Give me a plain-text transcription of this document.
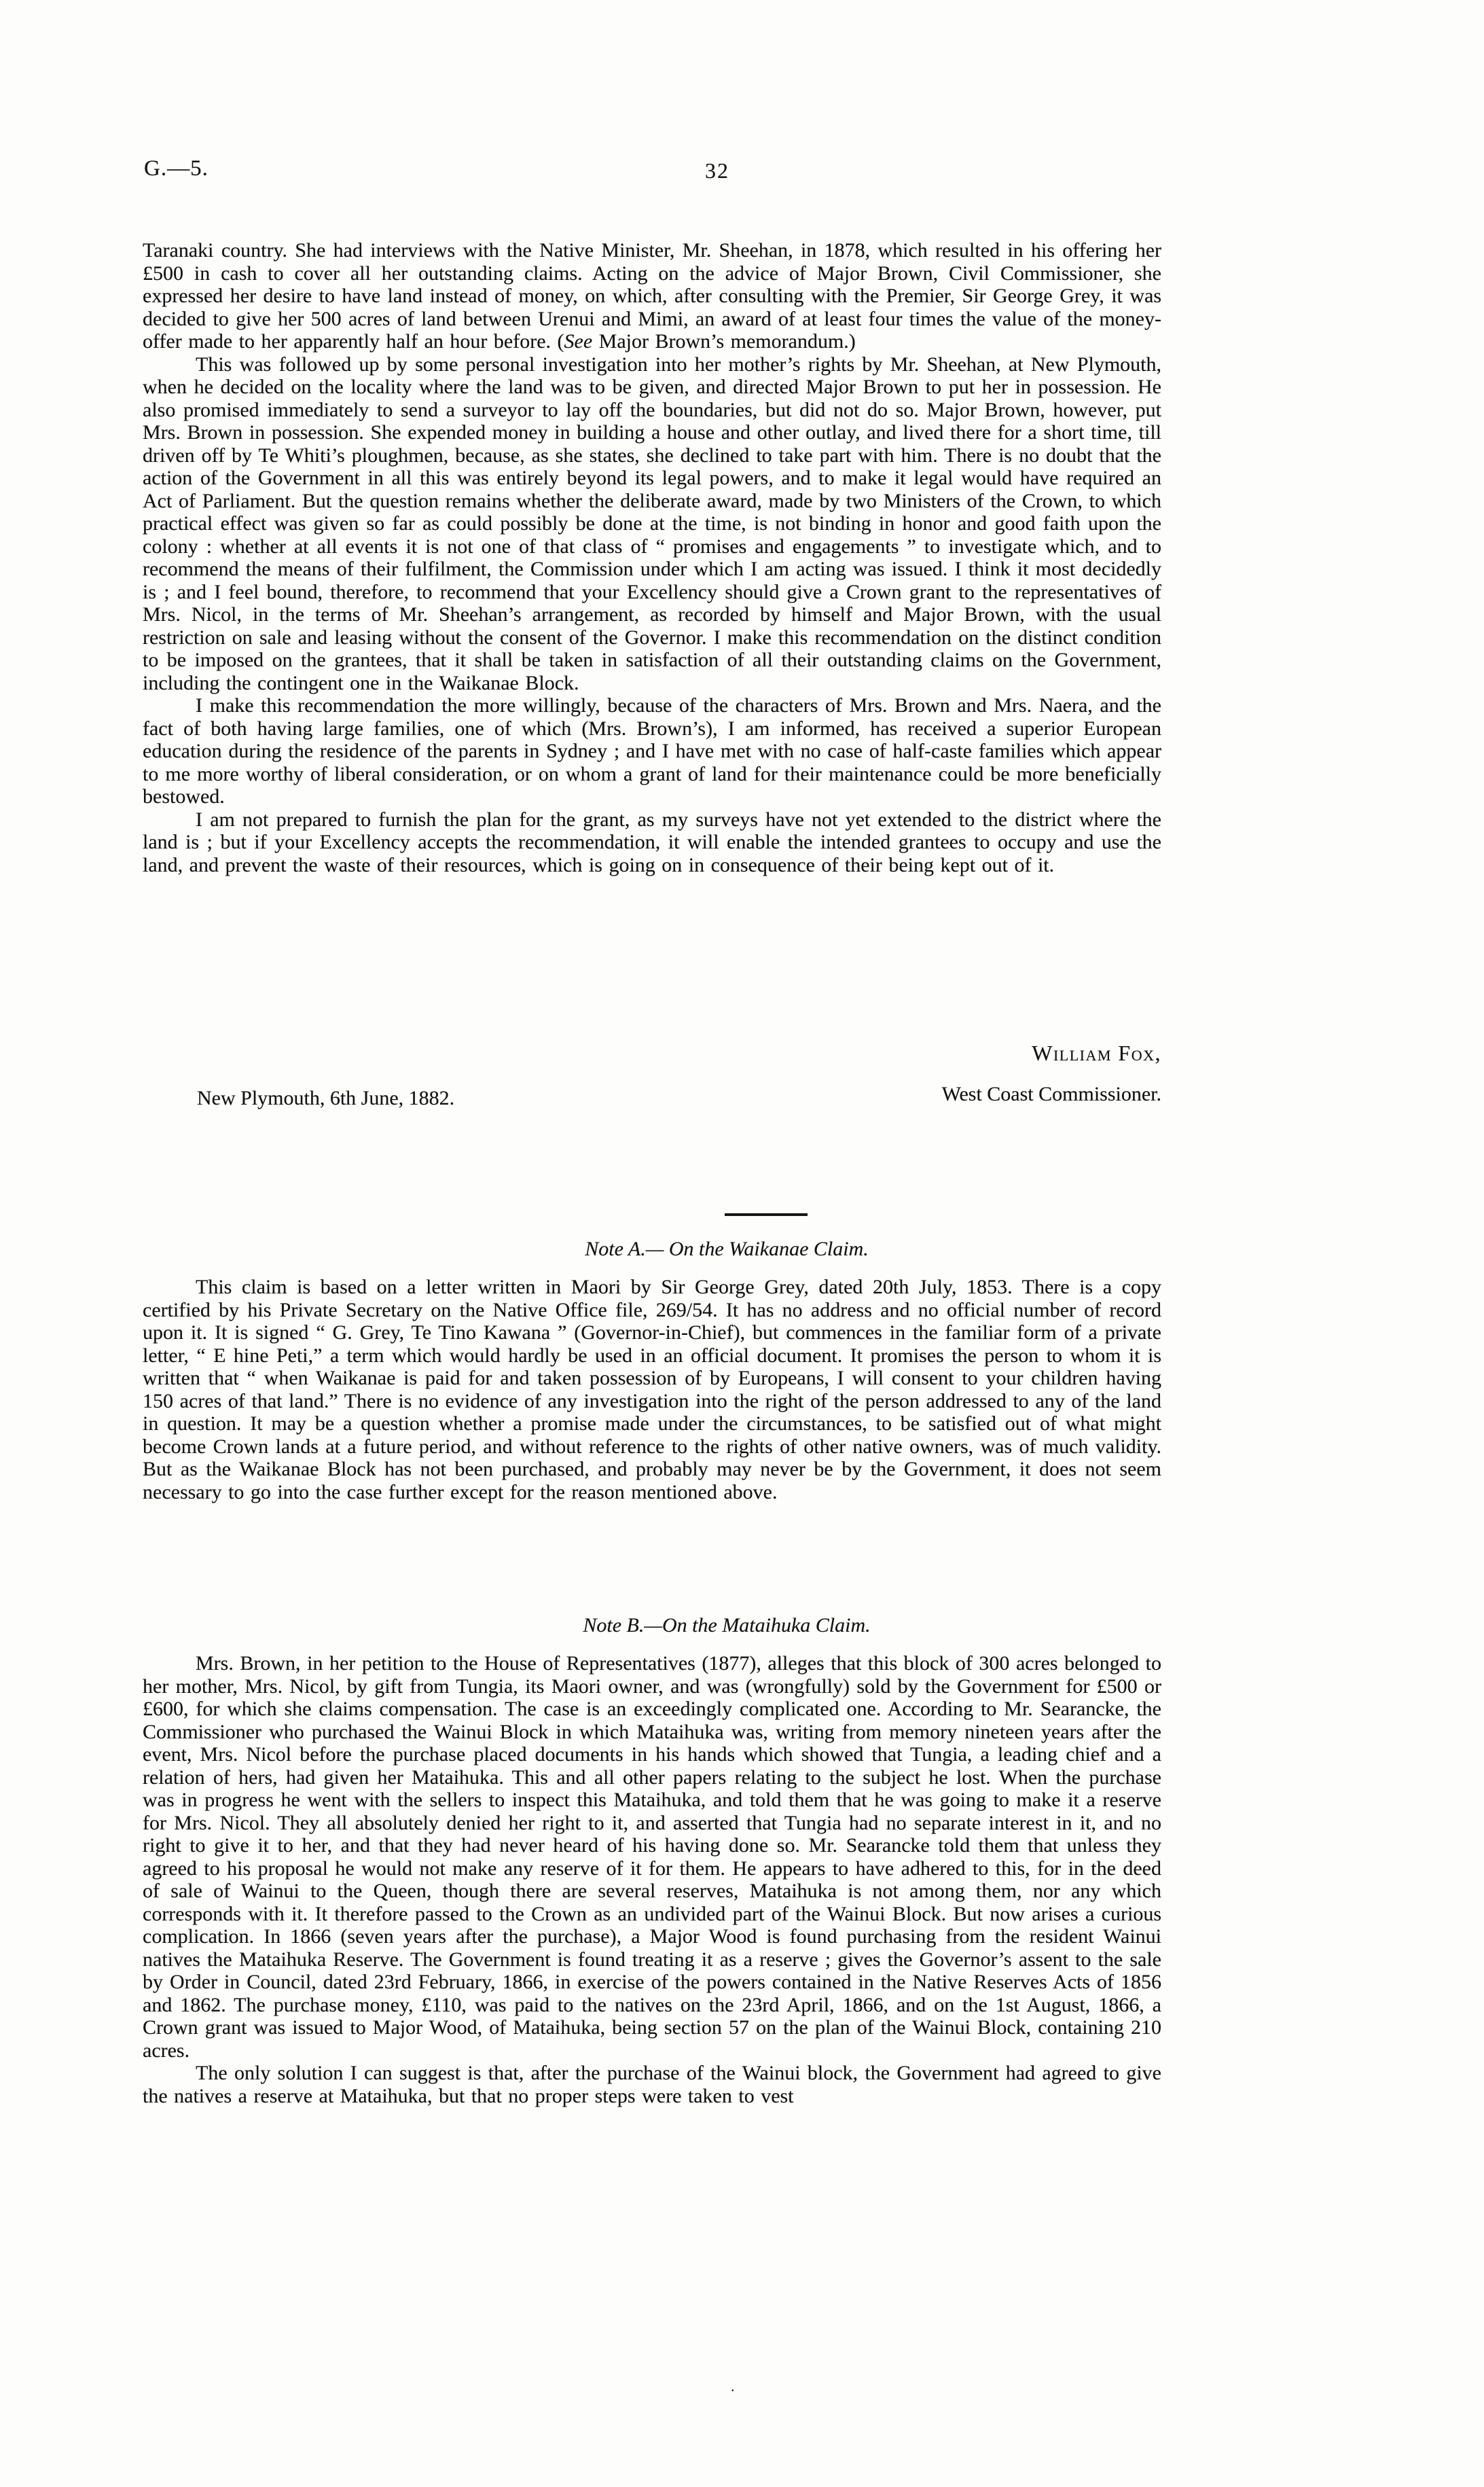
G.—5.	32

Taranaki country. She had interviews with the Native Minister, Mr. Sheehan, in 1878, which resulted in his offering her £500 in cash to cover all her outstanding claims. Acting on the advice of Major Brown, Civil Commissioner, she expressed her desire to have land instead of money, on which, after consulting with the Premier, Sir George Grey, it was decided to give her 500 acres of land between Urenui and Mimi, an award of at least four times the value of the money-offer made to her apparently half an hour before. (See Major Brown’s memorandum.)

This was followed up by some personal investigation into her mother’s rights by Mr. Sheehan, at New Plymouth, when he decided on the locality where the land was to be given, and directed Major Brown to put her in possession. He also promised immediately to send a surveyor to lay off the boundaries, but did not do so. Major Brown, however, put Mrs. Brown in possession. She expended money in building a house and other outlay, and lived there for a short time, till driven off by Te Whiti’s ploughmen, because, as she states, she declined to take part with him. There is no doubt that the action of the Government in all this was entirely beyond its legal powers, and to make it legal would have required an Act of Parliament. But the question remains whether the deliberate award, made by two Ministers of the Crown, to which practical effect was given so far as could possibly be done at the time, is not binding in honor and good faith upon the colony : whether at all events it is not one of that class of “ promises and engagements ” to investigate which, and to recommend the means of their fulfilment, the Commission under which I am acting was issued. I think it most decidedly is ; and I feel bound, therefore, to recommend that your Excellency should give a Crown grant to the representatives of Mrs. Nicol, in the terms of Mr. Sheehan’s arrangement, as recorded by himself and Major Brown, with the usual restriction on sale and leasing without the consent of the Governor. I make this recommendation on the distinct condition to be imposed on the grantees, that it shall be taken in satisfaction of all their outstanding claims on the Government, including the contingent one in the Waikanae Block.

I make this recommendation the more willingly, because of the characters of Mrs. Brown and Mrs. Naera, and the fact of both having large families, one of which (Mrs. Brown’s), I am informed, has received a superior European education during the residence of the parents in Sydney ; and I have met with no case of half-caste families which appear to me more worthy of liberal consideration, or on whom a grant of land for their maintenance could be more beneficially bestowed.

I am not prepared to furnish the plan for the grant, as my surveys have not yet extended to the district where the land is ; but if your Excellency accepts the recommendation, it will enable the intended grantees to occupy and use the land, and prevent the waste of their resources, which is going on in consequence of their being kept out of it.

William Fox,
New Plymouth, 6th June, 1882.	West Coast Commissioner.
Note A.— On the Waikanae Claim.

This claim is based on a letter written in Maori by Sir George Grey, dated 20th July, 1853. There is a copy certified by his Private Secretary on the Native Office file, 269/54. It has no address and no official number of record upon it. It is signed “ G. Grey, Te Tino Kawana ” (Governor-in-Chief), but commences in the familiar form of a private letter, “ E hine Peti,” a term which would hardly be used in an official document. It promises the person to whom it is written that “ when Waikanae is paid for and taken possession of by Europeans, I will consent to your children having 150 acres of that land.” There is no evidence of any investigation into the right of the person addressed to any of the land in question. It may be a question whether a promise made under the circumstances, to be satisfied out of what might become Crown lands at a future period, and without reference to the rights of other native owners, was of much validity. But as the Waikanae Block has not been purchased, and probably may never be by the Government, it does not seem necessary to go into the case further except for the reason mentioned above.

Note B.—On the Mataihuka Claim.

Mrs. Brown, in her petition to the House of Representatives (1877), alleges that this block of 300 acres belonged to her mother, Mrs. Nicol, by gift from Tungia, its Maori owner, and was (wrongfully) sold by the Government for £500 or £600, for which she claims compensation. The case is an exceedingly complicated one. According to Mr. Searancke, the Commissioner who purchased the Wainui Block in which Mataihuka was, writing from memory nineteen years after the event, Mrs. Nicol before the purchase placed documents in his hands which showed that Tungia, a leading chief and a relation of hers, had given her Mataihuka. This and all other papers relating to the subject he lost. When the purchase was in progress he went with the sellers to inspect this Mataihuka, and told them that he was going to make it a reserve for Mrs. Nicol. They all absolutely denied her right to it, and asserted that Tungia had no separate interest in it, and no right to give it to her, and that they had never heard of his having done so. Mr. Searancke told them that unless they agreed to his proposal he would not make any reserve of it for them. He appears to have adhered to this, for in the deed of sale of Wainui to the Queen, though there are several reserves, Mataihuka is not among them, nor any which corresponds with it. It therefore passed to the Crown as an undivided part of the Wainui Block. But now arises a curious complication. In 1866 (seven years after the purchase), a Major Wood is found purchasing from the resident Wainui natives the Mataihuka Reserve. The Government is found treating it as a reserve ; gives the Governor’s assent to the sale by Order in Council, dated 23rd February, 1866, in exercise of the powers contained in the Native Reserves Acts of 1856 and 1862. The purchase money, £110, was paid to the natives on the 23rd April, 1866, and on the 1st August, 1866, a Crown grant was issued to Major Wood, of Mataihuka, being section 57 on the plan of the Wainui Block, containing 210 acres.

The only solution I can suggest is that, after the purchase of the Wainui block, the Government had agreed to give the natives a reserve at Mataihuka, but that no proper steps were taken to vest

.
